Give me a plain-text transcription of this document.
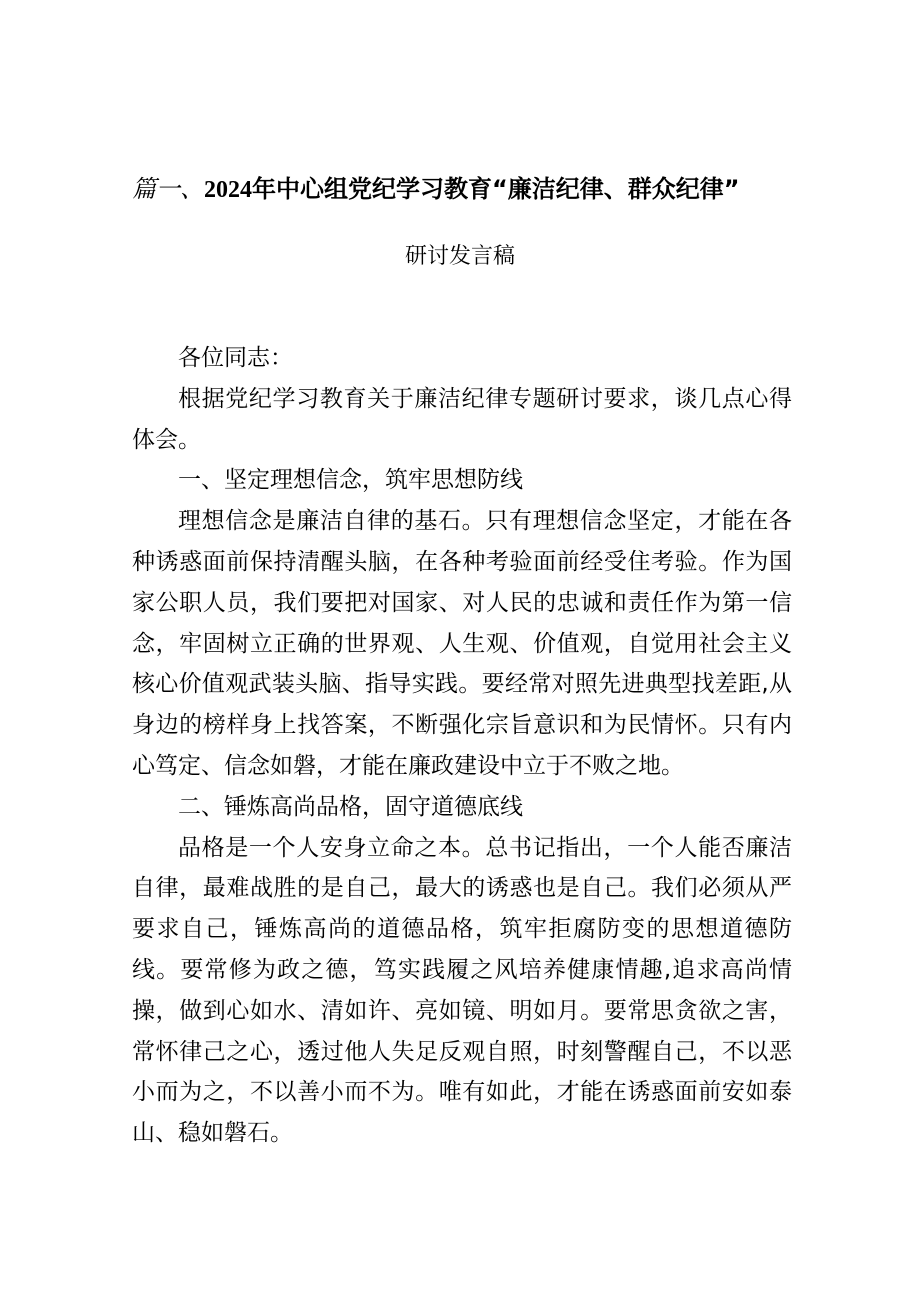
篇一、2024年中心组党纪学习教育“廉洁纪律、群众纪律”
研讨发言稿

各位同志：

根据党纪学习教育关于廉洁纪律专题研讨要求，谈几点心得体会。

一、坚定理想信念，筑牢思想防线

理想信念是廉洁自律的基石。只有理想信念坚定，才能在各种诱惑面前保持清醒头脑，在各种考验面前经受住考验。作为国家公职人员，我们要把对国家、对人民的忠诚和责任作为第一信念，牢固树立正确的世界观、人生观、价值观，自觉用社会主义核心价值观武装头脑、指导实践。要经常对照先进典型找差距,从身边的榜样身上找答案，不断强化宗旨意识和为民情怀。只有内心笃定、信念如磐，才能在廉政建设中立于不败之地。

二、锤炼高尚品格，固守道德底线

品格是一个人安身立命之本。总书记指出，一个人能否廉洁自律，最难战胜的是自己，最大的诱惑也是自己。我们必须从严要求自己，锤炼高尚的道德品格，筑牢拒腐防变的思想道德防线。要常修为政之德，笃实践履之风培养健康情趣,追求高尚情操，做到心如水、清如许、亮如镜、明如月。要常思贪欲之害，常怀律己之心，透过他人失足反观自照，时刻警醒自己，不以恶小而为之，不以善小而不为。唯有如此，才能在诱惑面前安如泰山、稳如磐石。
